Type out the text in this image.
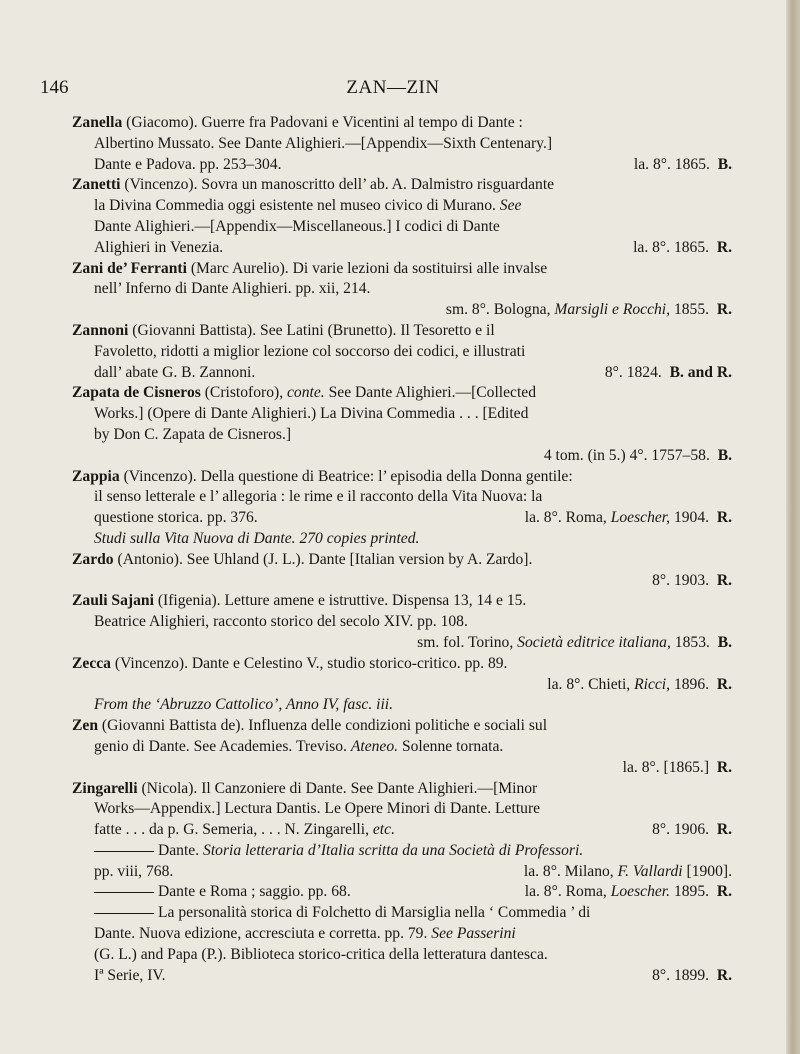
146	ZAN—ZIN
Zanella (Giacomo). Guerre fra Padovani e Vicentini al tempo di Dante :
Albertino Mussato. See Dante Alighieri.—[Appendix—Sixth Centenary.]
Dante e Padova. pp. 253–304.	la. 8°. 1865. B.
Zanetti (Vincenzo). Sovra un manoscritto dell’ ab. A. Dalmistro risguardante
la Divina Commedia oggi esistente nel museo civico di Murano. See
Dante Alighieri.—[Appendix—Miscellaneous.] I codici di Dante
Alighieri in Venezia.	la. 8°. 1865. R.
Zani de’ Ferranti (Marc Aurelio). Di varie lezioni da sostituirsi alle invalse
nell’ Inferno di Dante Alighieri. pp. xii, 214.

sm. 8°. Bologna, Marsigli e Rocchi, 1855. R.

Zannoni (Giovanni Battista). See Latini (Brunetto). Il Tesoretto e il
Favoletto, ridotti a miglior lezione col soccorso dei codici, e illustrati
dall’ abate G. B. Zannoni.	8°. 1824. B. and R.
Zapata de Cisneros (Cristoforo), conte. See Dante Alighieri.—[Collected
Works.] (Opere di Dante Alighieri.) La Divina Commedia . . . [Edited
by Don C. Zapata de Cisneros.]

4 tom. (in 5.) 4°. 1757–58. B.

Zappia (Vincenzo). Della questione di Beatrice: l’ episodia della Donna gentile:
il senso letterale e l’ allegoria : le rime e il racconto della Vita Nuova: la
questione storica. pp. 376.	la. 8°. Roma, Loescher, 1904. R.

Studi sulla Vita Nuova di Dante. 270 copies printed.
Zardo (Antonio). See Uhland (J. L.). Dante [Italian version by A. Zardo].

8°. 1903. R.

Zauli Sajani (Ifigenia). Letture amene e istruttive. Dispensa 13, 14 e 15.
Beatrice Alighieri, racconto storico del secolo XIV. pp. 108.

sm. fol. Torino, Società editrice italiana, 1853. B.

Zecca (Vincenzo). Dante e Celestino V., studio storico-critico. pp. 89.

la. 8°. Chieti, Ricci, 1896. R.

From the ‘Abruzzo Cattolico’, Anno IV, fasc. iii.
Zen (Giovanni Battista de). Influenza delle condizioni politiche e sociali sul
genio di Dante. See Academies. Treviso. Ateneo. Solenne tornata.

la. 8°. [1865.] R.

Zingarelli (Nicola). Il Canzoniere di Dante. See Dante Alighieri.—[Minor
Works—Appendix.] Lectura Dantis. Le Opere Minori di Dante. Letture
fatte . . . da p. G. Semeria, . . . N. Zingarelli, etc.	8°. 1906. R.
Dante. Storia letteraria d’Italia scritta da una Società di Professori.
pp. viii, 768.	la. 8°. Milano, F. Vallardi [1900].
Dante e Roma ; saggio. pp. 68.	la. 8°. Roma, Loescher. 1895. R.
La personalità storica di Folchetto di Marsiglia nella ‘ Commedia ’ di
Dante. Nuova edizione, accresciuta e corretta. pp. 79. See Passerini
(G. L.) and Papa (P.). Biblioteca storico-critica della letteratura dantesca.
Iª Serie, IV.	8°. 1899. R.
